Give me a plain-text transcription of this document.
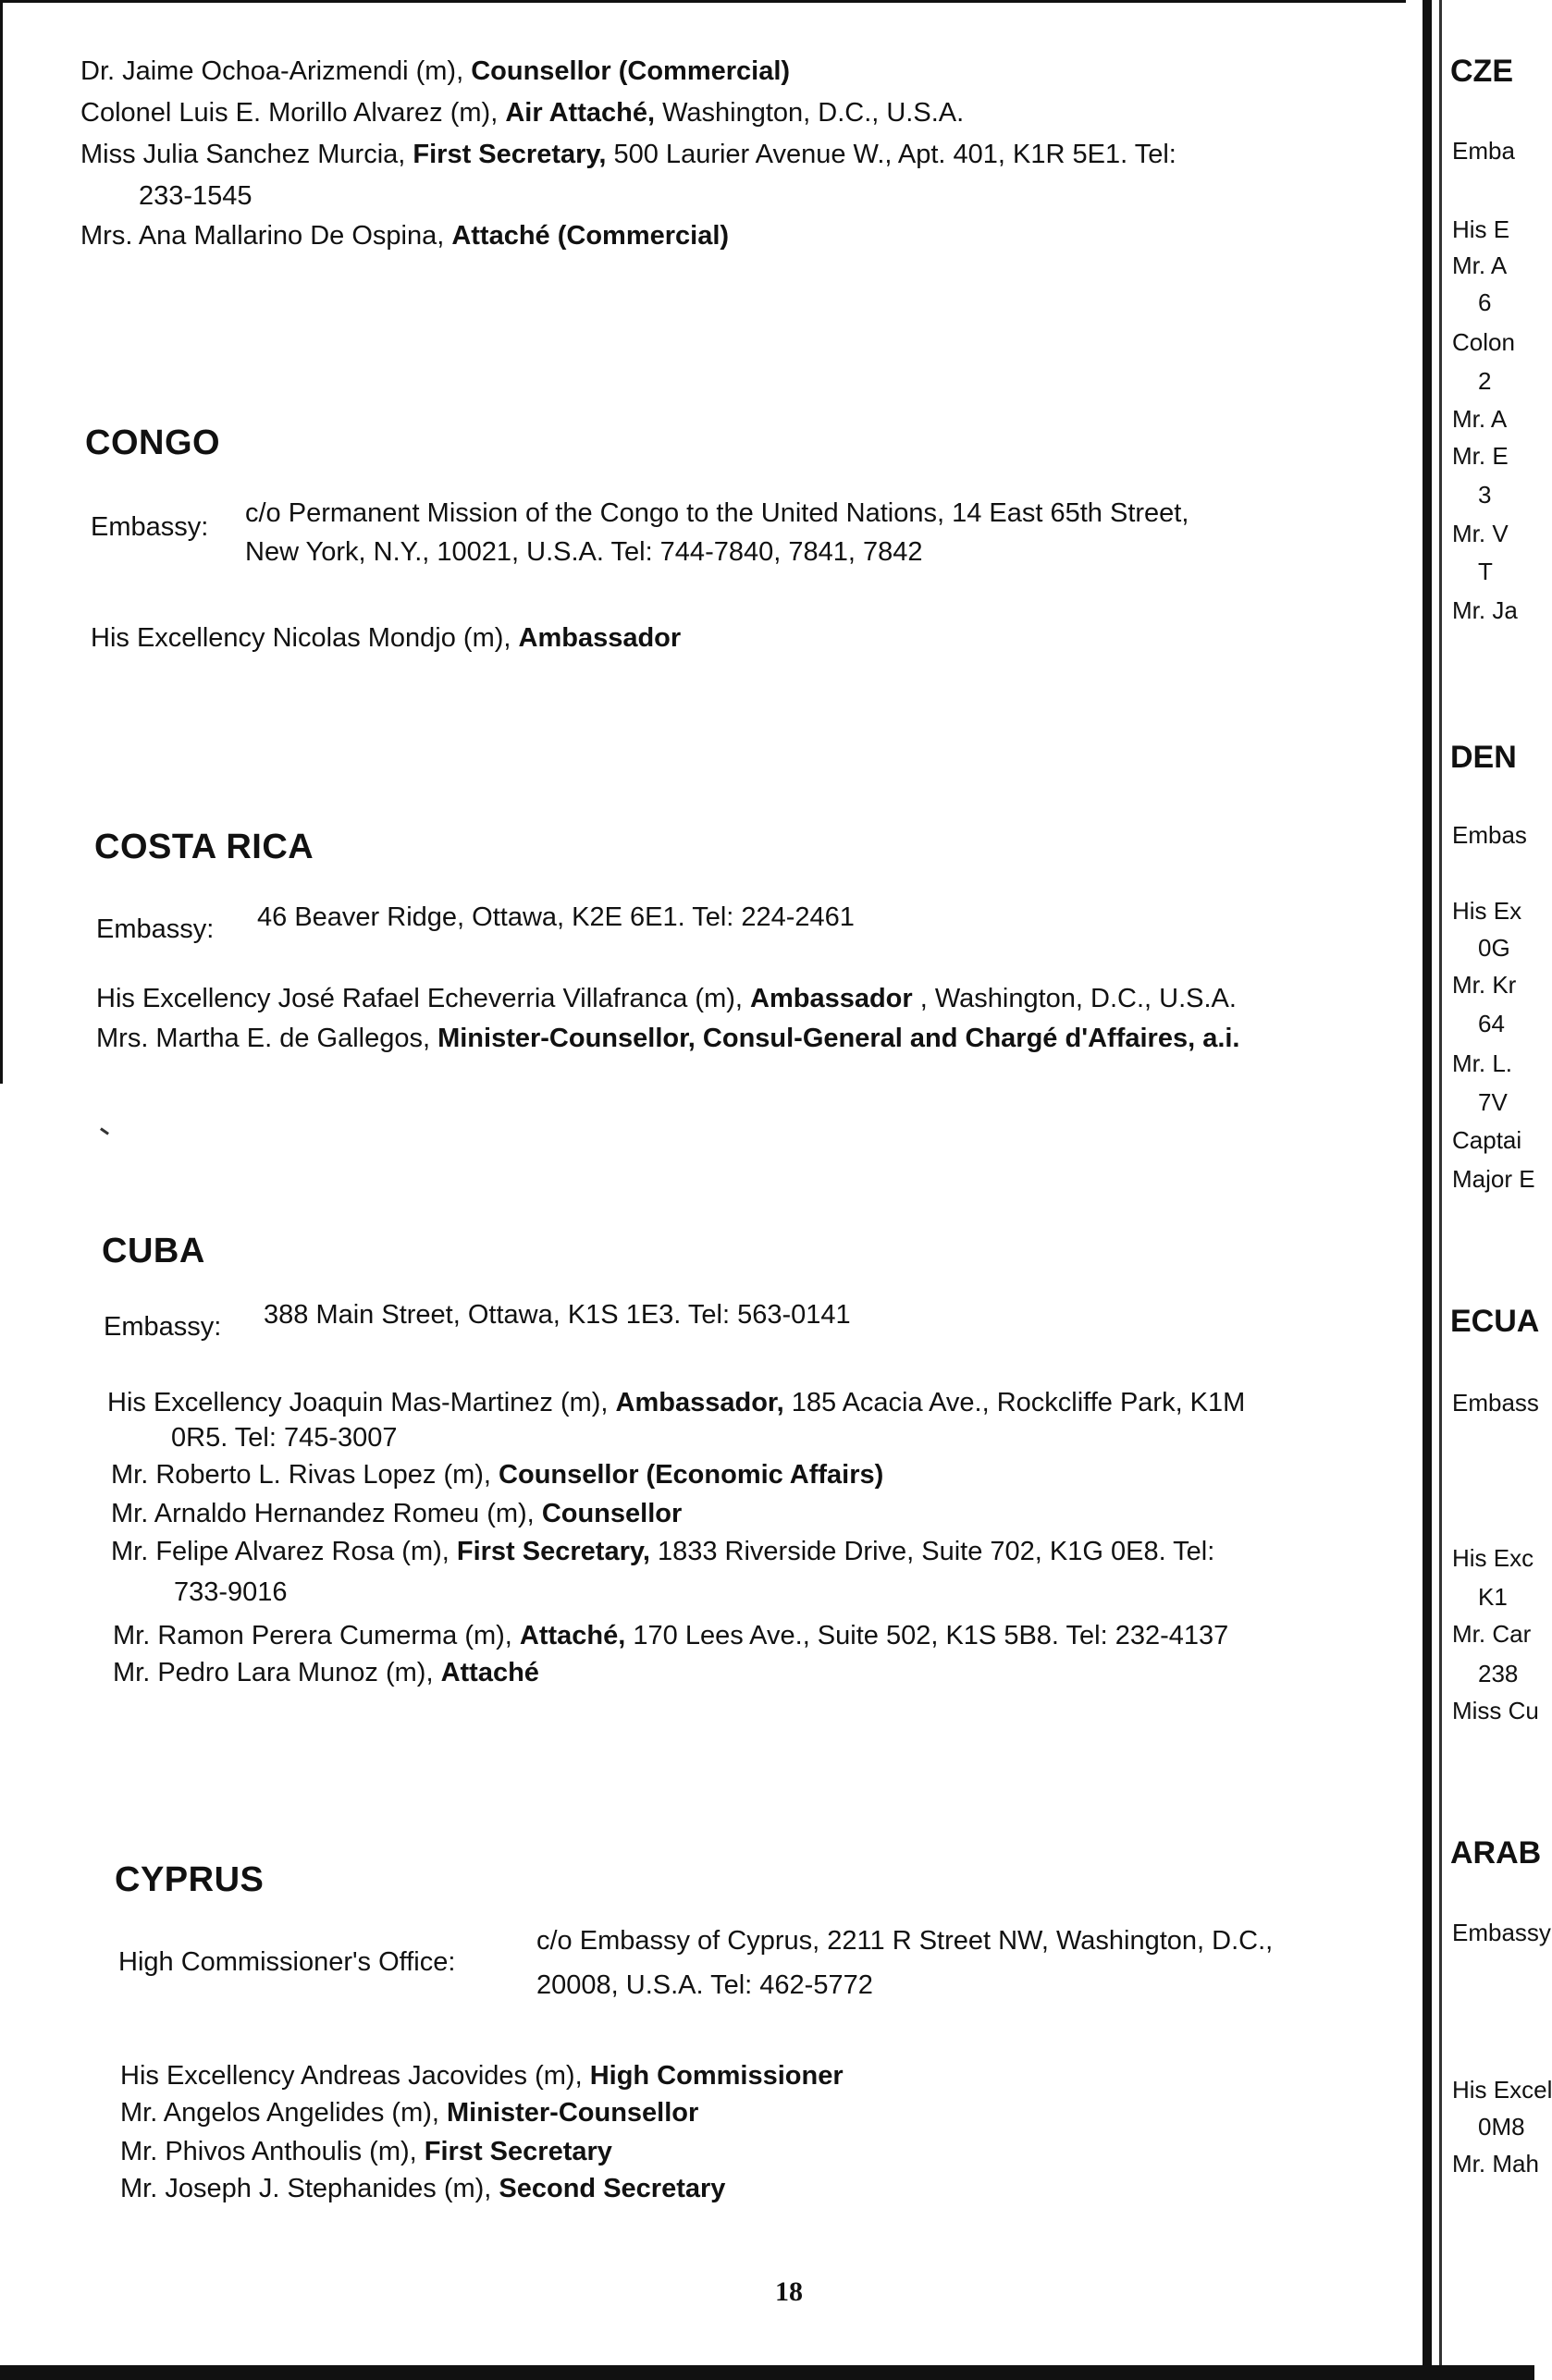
Dr. Jaime Ochoa-Arizmendi (m), Counsellor (Commercial)
Colonel Luis E. Morillo Alvarez (m), Air Attaché, Washington, D.C., U.S.A.
Miss Julia Sanchez Murcia, First Secretary, 500 Laurier Avenue W., Apt. 401, K1R 5E1. Tel:
233-1545
Mrs. Ana Mallarino De Ospina, Attaché (Commercial)
CONGO
Embassy: c/o Permanent Mission of the Congo to the United Nations, 14 East 65th Street,
New York, N.Y., 10021, U.S.A. Tel: 744-7840, 7841, 7842
His Excellency Nicolas Mondjo (m), Ambassador
COSTA RICA
Embassy: 46 Beaver Ridge, Ottawa, K2E 6E1. Tel: 224-2461
His Excellency José Rafael Echeverria Villafranca (m), Ambassador , Washington, D.C., U.S.A.
Mrs. Martha E. de Gallegos, Minister-Counsellor, Consul-General and Chargé d'Affaires, a.i.
CUBA
Embassy: 388 Main Street, Ottawa, K1S 1E3. Tel: 563-0141
His Excellency Joaquin Mas-Martinez (m), Ambassador, 185 Acacia Ave., Rockcliffe Park, K1M
0R5. Tel: 745-3007
Mr. Roberto L. Rivas Lopez (m), Counsellor (Economic Affairs)
Mr. Arnaldo Hernandez Romeu (m), Counsellor
Mr. Felipe Alvarez Rosa (m), First Secretary, 1833 Riverside Drive, Suite 702, K1G 0E8. Tel:
733-9016
Mr. Ramon Perera Cumerma (m), Attaché, 170 Lees Ave., Suite 502, K1S 5B8. Tel: 232-4137
Mr. Pedro Lara Munoz (m), Attaché
CYPRUS
High Commissioner's Office:
c/o Embassy of Cyprus, 2211 R Street NW, Washington, D.C.,
20008, U.S.A. Tel: 462-5772
His Excellency Andreas Jacovides (m), High Commissioner
Mr. Angelos Angelides (m), Minister-Counsellor
Mr. Phivos Anthoulis (m), First Secretary
Mr. Joseph J. Stephanides (m), Second Secretary
18
CZE
Emba
His E
Mr. A
6
Colon
2
Mr. A
Mr. E
3
Mr. V
T
Mr. Ja
DEN
Embas
His Ex
0G
Mr. Kr
64
Mr. L.
7V
Captai
Major E
ECUA
Embass
His Exc
K1
Mr. Car
238
Miss Cu
ARAB
Embassy
His Excel
0M8
Mr. Mah
